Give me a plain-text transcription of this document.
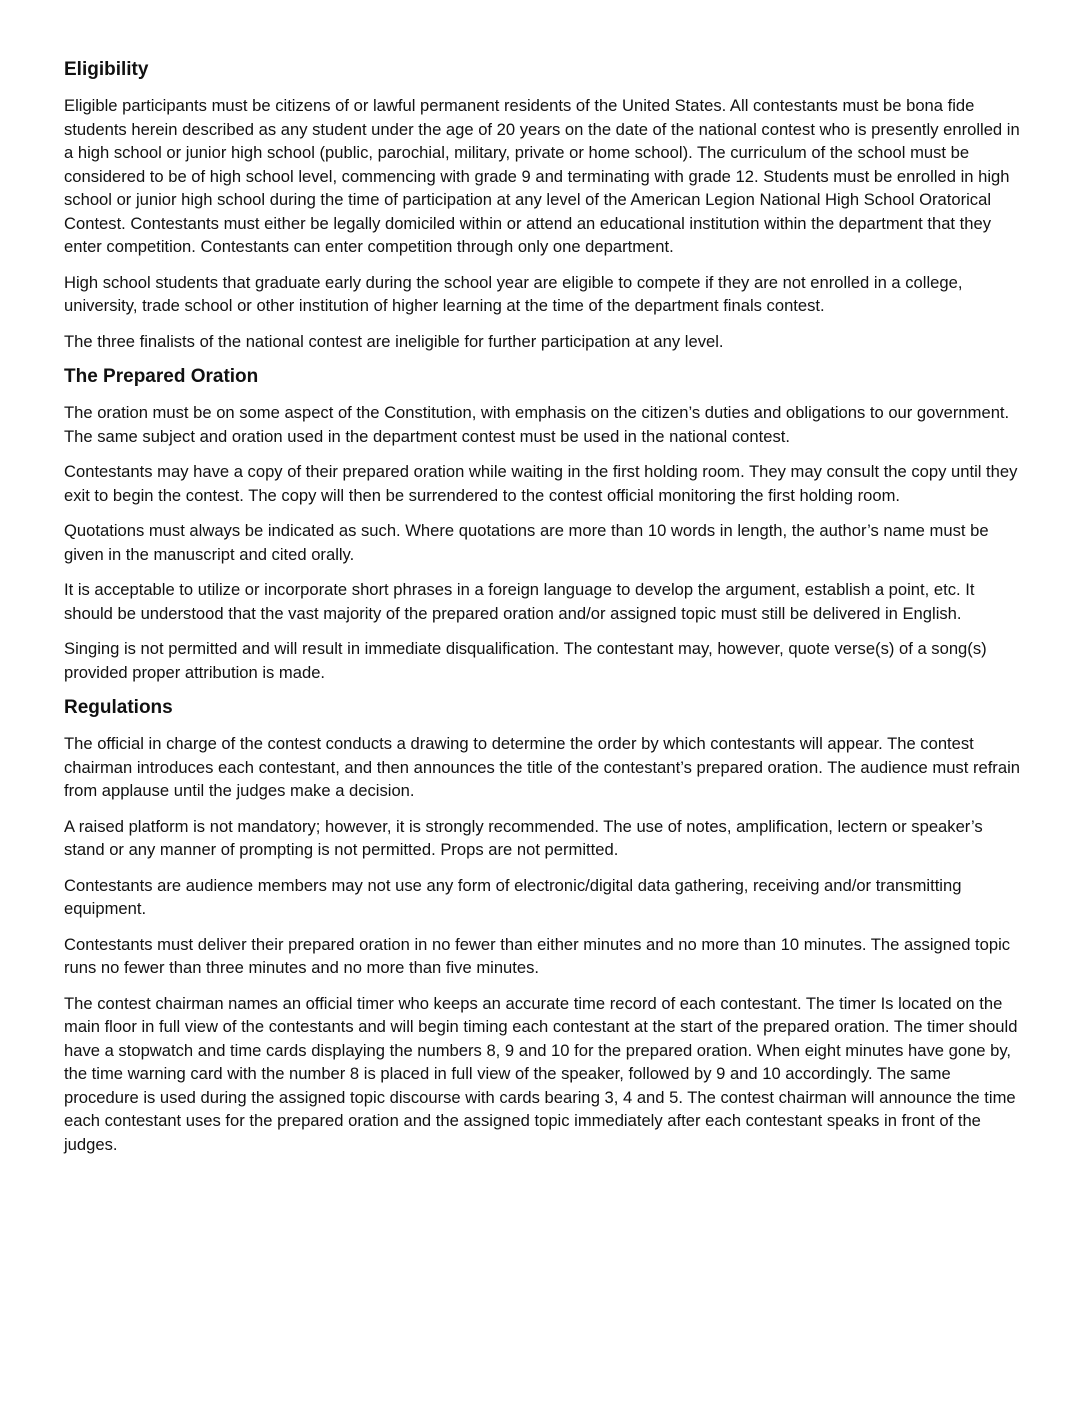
Eligibility

Eligible participants must be citizens of or lawful permanent residents of the United States. All contestants must be bona fide students herein described as any student under the age of 20 years on the date of the national contest who is presently enrolled in a high school or junior high school (public, parochial, military, private or home school). The curriculum of the school must be considered to be of high school level, commencing with grade 9 and terminating with grade 12. Students must be enrolled in high school or junior high school during the time of participation at any level of the American Legion National High School Oratorical Contest. Contestants must either be legally domiciled within or attend an educational institution within the department that they enter competition. Contestants can enter competition through only one department.

High school students that graduate early during the school year are eligible to compete if they are not enrolled in a college, university, trade school or other institution of higher learning at the time of the department finals contest.

The three finalists of the national contest are ineligible for further participation at any level.

The Prepared Oration

The oration must be on some aspect of the Constitution, with emphasis on the citizen’s duties and obligations to our government. The same subject and oration used in the department contest must be used in the national contest.

Contestants may have a copy of their prepared oration while waiting in the first holding room. They may consult the copy until they exit to begin the contest. The copy will then be surrendered to the contest official monitoring the first holding room.

Quotations must always be indicated as such. Where quotations are more than 10 words in length, the author’s name must be given in the manuscript and cited orally.

It is acceptable to utilize or incorporate short phrases in a foreign language to develop the argument, establish a point, etc. It should be understood that the vast majority of the prepared oration and/or assigned topic must still be delivered in English.

Singing is not permitted and will result in immediate disqualification. The contestant may, however, quote verse(s) of a song(s) provided proper attribution is made.

Regulations

The official in charge of the contest conducts a drawing to determine the order by which contestants will appear. The contest chairman introduces each contestant, and then announces the title of the contestant’s prepared oration. The audience must refrain from applause until the judges make a decision.

A raised platform is not mandatory; however, it is strongly recommended. The use of notes, amplification, lectern or speaker’s stand or any manner of prompting is not permitted. Props are not permitted.

Contestants are audience members may not use any form of electronic/digital data gathering, receiving and/or transmitting equipment.

Contestants must deliver their prepared oration in no fewer than either minutes and no more than 10 minutes. The assigned topic runs no fewer than three minutes and no more than five minutes.

The contest chairman names an official timer who keeps an accurate time record of each contestant. The timer Is located on the main floor in full view of the contestants and will begin timing each contestant at the start of the prepared oration. The timer should have a stopwatch and time cards displaying the numbers 8, 9 and 10 for the prepared oration. When eight minutes have gone by, the time warning card with the number 8 is placed in full view of the speaker, followed by 9 and 10 accordingly. The same procedure is used during the assigned topic discourse with cards bearing 3, 4 and 5. The contest chairman will announce the time each contestant uses for the prepared oration and the assigned topic immediately after each contestant speaks in front of the judges.
